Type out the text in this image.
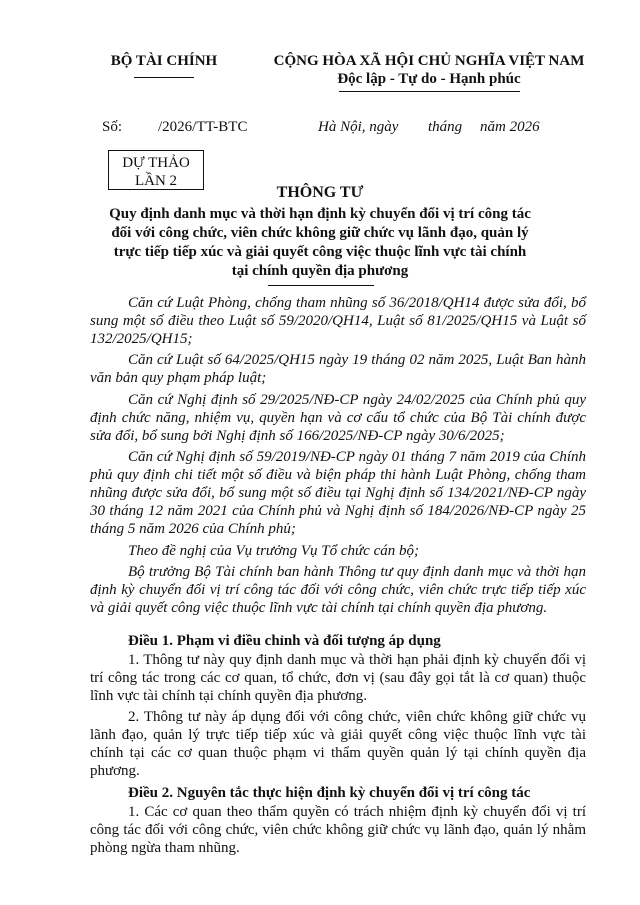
BỘ TÀI CHÍNH	CỘNG HÒA XÃ HỘI CHỦ NGHĨA VIỆT NAM
Độc lập - Tự do - Hạnh phúc
Số: /2026/TT-BTC	Hà Nội, ngày tháng năm 2026
DỰ THẢO
LẦN 2
THÔNG TƯ
Quy định danh mục và thời hạn định kỳ chuyển đổi vị trí công tác
đối với công chức, viên chức không giữ chức vụ lãnh đạo, quản lý
trực tiếp tiếp xúc và giải quyết công việc thuộc lĩnh vực tài chính
tại chính quyền địa phương
Căn cứ Luật Phòng, chống tham nhũng số 36/2018/QH14 được sửa đổi, bổ sung một số điều theo Luật số 59/2020/QH14, Luật số 81/2025/QH15 và Luật số 132/2025/QH15;
Căn cứ Luật số 64/2025/QH15 ngày 19 tháng 02 năm 2025, Luật Ban hành văn bản quy phạm pháp luật;
Căn cứ Nghị định số 29/2025/NĐ-CP ngày 24/02/2025 của Chính phủ quy định chức năng, nhiệm vụ, quyền hạn và cơ cấu tổ chức của Bộ Tài chính được sửa đổi, bổ sung bởi Nghị định số 166/2025/NĐ-CP ngày 30/6/2025;
Căn cứ Nghị định số 59/2019/NĐ-CP ngày 01 tháng 7 năm 2019 của Chính phủ quy định chi tiết một số điều và biện pháp thi hành Luật Phòng, chống tham nhũng được sửa đổi, bổ sung một số điều tại Nghị định số 134/2021/NĐ-CP ngày 30 tháng 12 năm 2021 của Chính phủ và Nghị định số 184/2026/NĐ-CP ngày 25 tháng 5 năm 2026 của Chính phủ;
Theo đề nghị của Vụ trưởng Vụ Tổ chức cán bộ;
Bộ trưởng Bộ Tài chính ban hành Thông tư quy định danh mục và thời hạn định kỳ chuyển đổi vị trí công tác đối với công chức, viên chức trực tiếp tiếp xúc và giải quyết công việc thuộc lĩnh vực tài chính tại chính quyền địa phương.
Điều 1. Phạm vi điều chỉnh và đối tượng áp dụng
1. Thông tư này quy định danh mục và thời hạn phải định kỳ chuyển đổi vị trí công tác trong các cơ quan, tổ chức, đơn vị (sau đây gọi tắt là cơ quan) thuộc lĩnh vực tài chính tại chính quyền địa phương.
2. Thông tư này áp dụng đối với công chức, viên chức không giữ chức vụ lãnh đạo, quản lý trực tiếp tiếp xúc và giải quyết công việc thuộc lĩnh vực tài chính tại các cơ quan thuộc phạm vi thẩm quyền quản lý tại chính quyền địa phương.
Điều 2. Nguyên tắc thực hiện định kỳ chuyển đổi vị trí công tác
1. Các cơ quan theo thẩm quyền có trách nhiệm định kỳ chuyển đổi vị trí công tác đối với công chức, viên chức không giữ chức vụ lãnh đạo, quản lý nhằm phòng ngừa tham nhũng.
